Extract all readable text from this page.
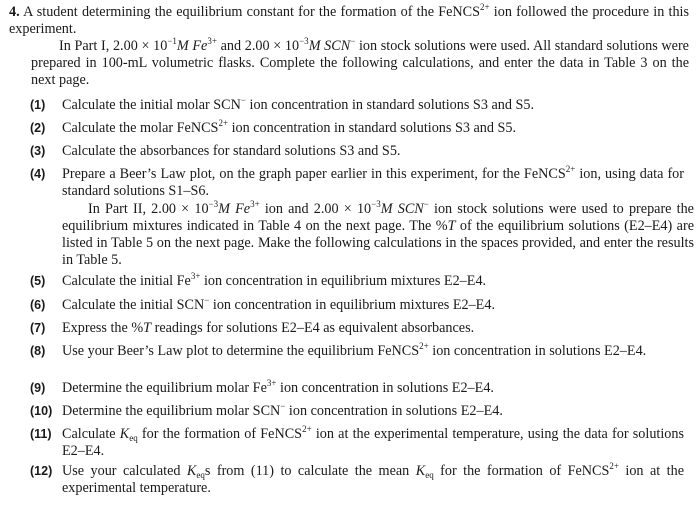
4. A student determining the equilibrium constant for the formation of the FeNCS$^{2+}$ ion followed the procedure in this experiment.
In Part I, $2.00 \times 10^{-1}M$ $Fe^{3+}$ and $2.00 \times 10^{-3}M$ SCN− ion stock solutions were used. All standard solutions were prepared in 100-mL volumetric flasks. Complete the following calculations, and enter the data in Table 3 on the next page.
(1)	Calculate the initial molar SCN− ion concentration in standard solutions S3 and S5.
(2)	Calculate the molar FeNCS$^{2+}$ ion concentration in standard solutions S3 and S5.
(3)	Calculate the absorbances for standard solutions S3 and S5.
(4)	Prepare a Beer’s Law plot, on the graph paper earlier in this experiment, for the FeNCS$^{2+}$ ion, using data for standard solutions S1–S6.
In Part II, $2.00 \times 10^{-3}M$ $Fe^{3+}$ ion and $2.00 \times 10^{-3}M$ SCN− ion stock solutions were used to prepare the equilibrium mixtures indicated in Table 4 on the next page. The %T of the equilibrium solutions (E2–E4) are listed in Table 5 on the next page. Make the following calculations in the spaces provided, and enter the results in Table 5.
(5)	Calculate the initial $Fe^{3+}$ ion concentration in equilibrium mixtures E2–E4.
(6)	Calculate the initial SCN− ion concentration in equilibrium mixtures E2–E4.
(7)	Express the %T readings for solutions E2–E4 as equivalent absorbances.
(8)	Use your Beer’s Law plot to determine the equilibrium FeNCS$^{2+}$ ion concentration in solutions E2–E4.
(9)	Determine the equilibrium molar $Fe^{3+}$ ion concentration in solutions E2–E4.
(10) Determine the equilibrium molar SCN− ion concentration in solutions E2–E4.
(11) Calculate $K_{eq}$ for the formation of FeNCS$^{2+}$ ion at the experimental temperature, using the data for solutions E2–E4.
(12) Use your calculated $K_{eq}s$ from (11) to calculate the mean $K_{eq}$ for the formation of FeNCS$^{2+}$ ion at the experimental temperature.
